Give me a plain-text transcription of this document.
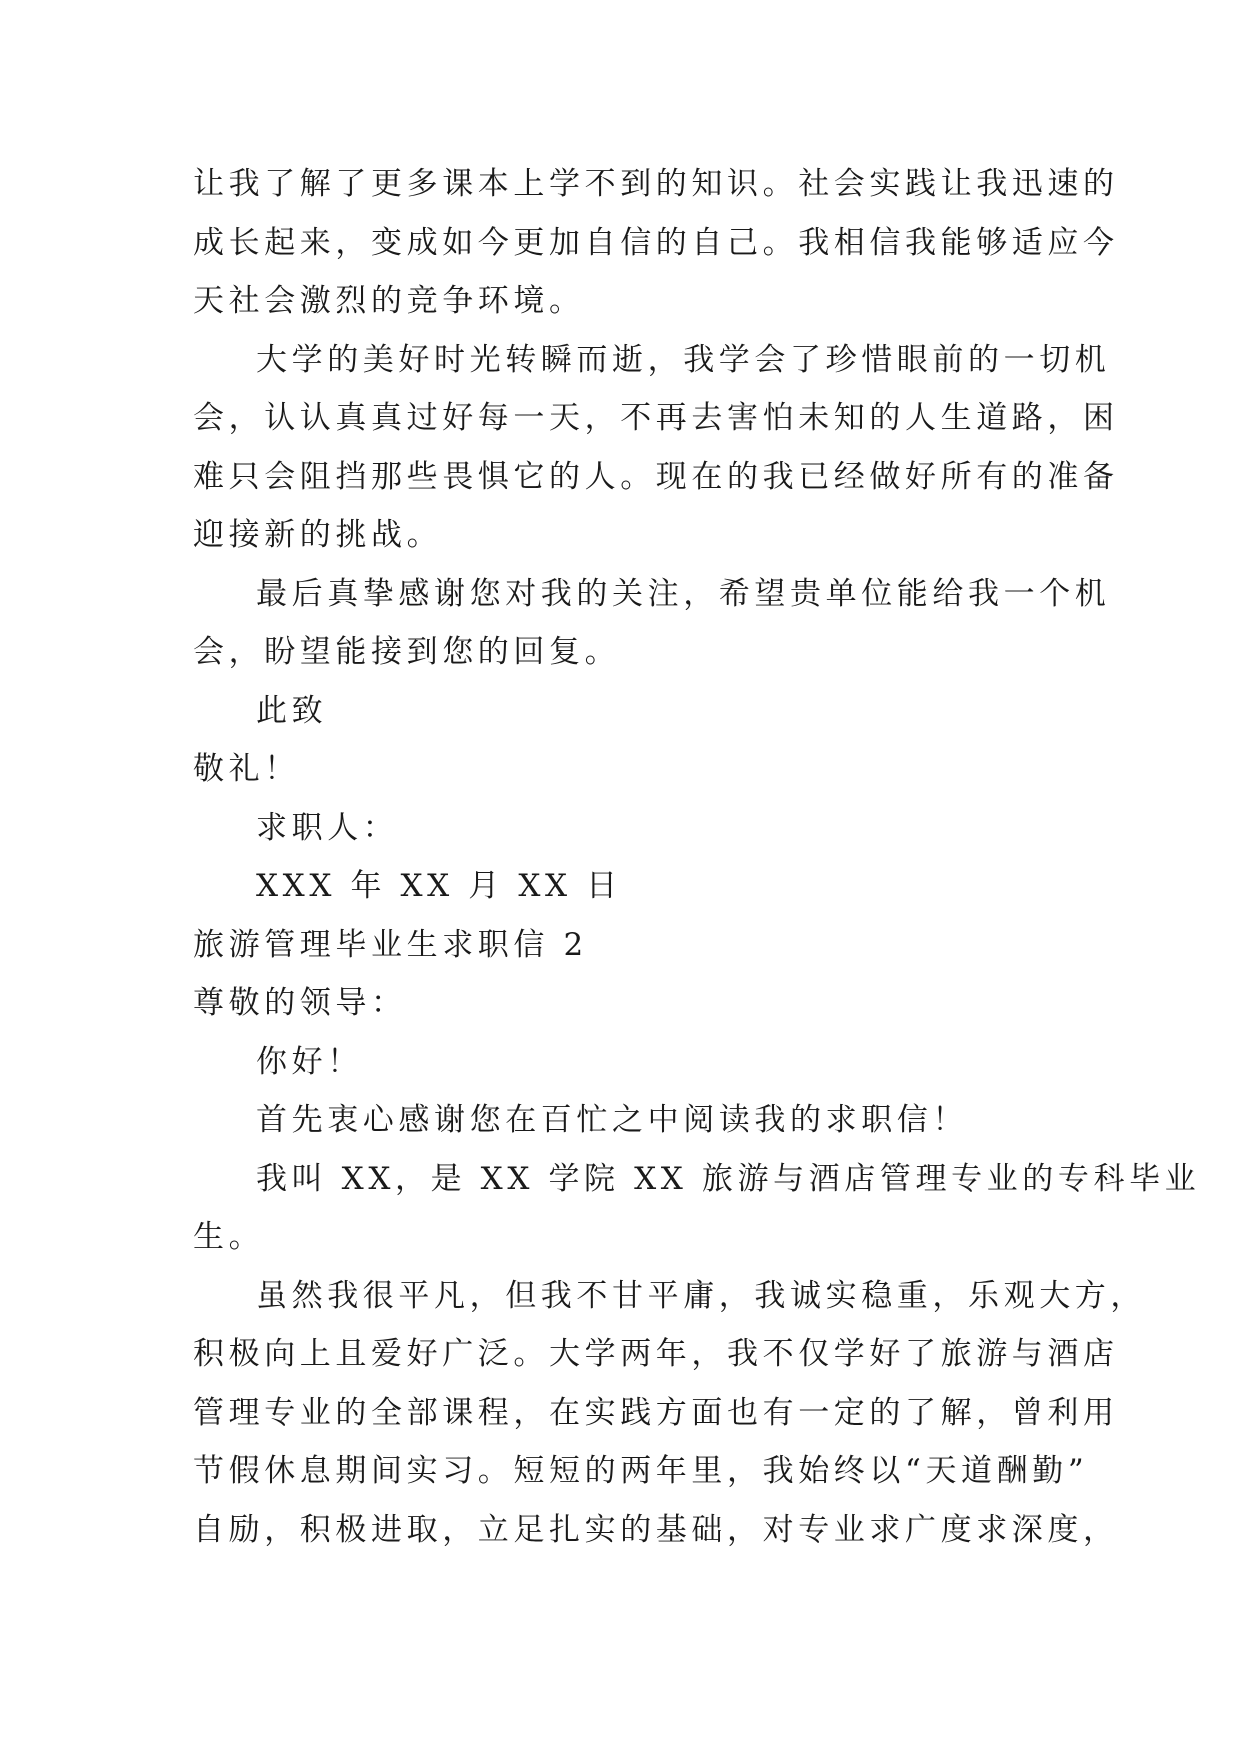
让我了解了更多课本上学不到的知识。社会实践让我迅速的

成长起来，变成如今更加自信的自己。我相信我能够适应今

天社会激烈的竞争环境。

大学的美好时光转瞬而逝，我学会了珍惜眼前的一切机

会，认认真真过好每一天，不再去害怕未知的人生道路，困

难只会阻挡那些畏惧它的人。现在的我已经做好所有的准备

迎接新的挑战。

最后真挚感谢您对我的关注，希望贵单位能给我一个机

会，盼望能接到您的回复。

此致

敬礼！

求职人：

XXX 年 XX 月 XX 日

旅游管理毕业生求职信 2

尊敬的领导：

你好！

首先衷心感谢您在百忙之中阅读我的求职信！

我叫 XX，是 XX 学院 XX 旅游与酒店管理专业的专科毕业

生。

虽然我很平凡，但我不甘平庸，我诚实稳重，乐观大方，

积极向上且爱好广泛。大学两年，我不仅学好了旅游与酒店

管理专业的全部课程，在实践方面也有一定的了解，曾利用

节假休息期间实习。短短的两年里，我始终以“天道酬勤”

自励，积极进取，立足扎实的基础，对专业求广度求深度，
